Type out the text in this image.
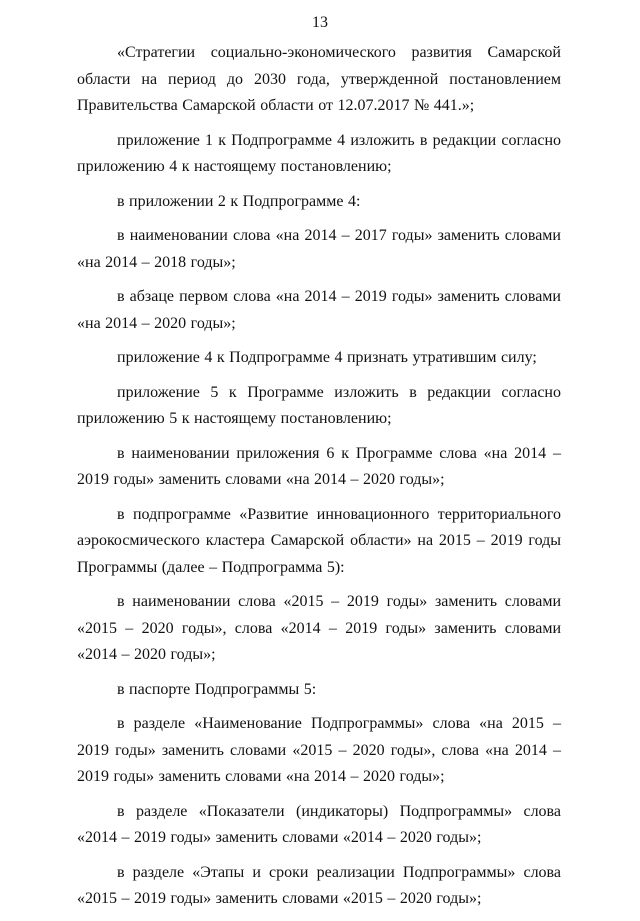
13

«Стратегии социально-экономического развития Самарской области на период до 2030 года, утвержденной постановлением Правительства Самарской области от 12.07.2017 № 441.»;

приложение 1 к Подпрограмме 4 изложить в редакции согласно приложению 4 к настоящему постановлению;

в приложении 2 к Подпрограмме 4:

в наименовании слова «на 2014 – 2017 годы» заменить словами «на 2014 – 2018 годы»;

в абзаце первом слова «на 2014 – 2019 годы» заменить словами «на 2014 – 2020 годы»;

приложение 4 к Подпрограмме 4 признать утратившим силу;

приложение 5 к Программе изложить в редакции согласно приложению 5 к настоящему постановлению;

в наименовании приложения 6 к Программе слова «на 2014 – 2019 годы» заменить словами «на 2014 – 2020 годы»;

в подпрограмме «Развитие инновационного территориального аэрокосмического кластера Самарской области» на 2015 – 2019 годы Программы (далее – Подпрограмма 5):

в наименовании слова «2015 – 2019 годы» заменить словами «2015 – 2020 годы», слова «2014 – 2019 годы» заменить словами «2014 – 2020 годы»;

в паспорте Подпрограммы 5:

в разделе «Наименование Подпрограммы» слова «на 2015 – 2019 годы» заменить словами «2015 – 2020 годы», слова «на 2014 – 2019 годы» заменить словами «на 2014 – 2020 годы»;

в разделе «Показатели (индикаторы) Подпрограммы» слова «2014 – 2019 годы» заменить словами «2014 – 2020 годы»;

в разделе «Этапы и сроки реализации Подпрограммы» слова «2015 – 2019 годы» заменить словами «2015 – 2020 годы»;
